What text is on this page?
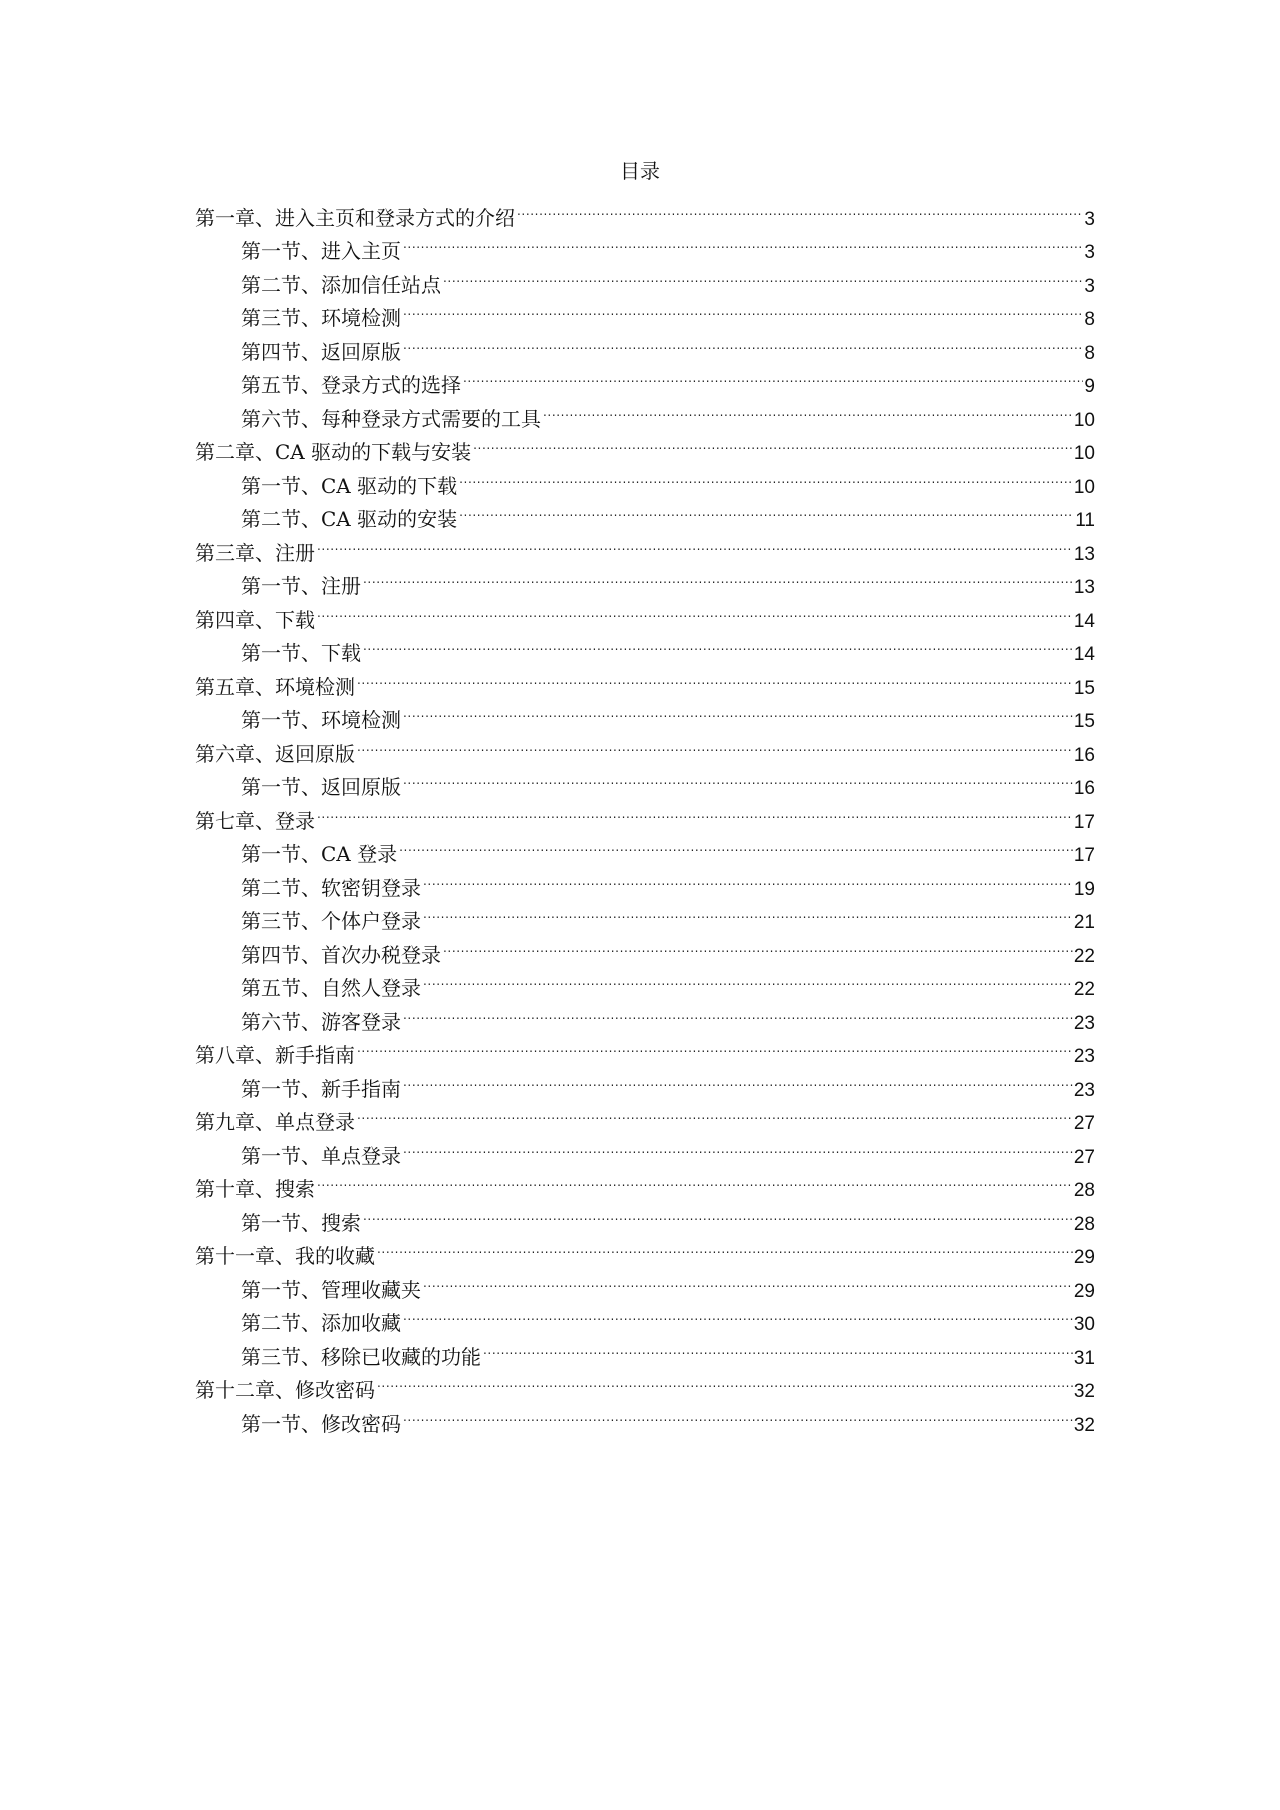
目录
第一章、进入主页和登录方式的介绍 .....	3
第一节、进入主页 .....	3
第二节、添加信任站点 .....	3
第三节、环境检测 .....	8
第四节、返回原版 .....	8
第五节、登录方式的选择 .....	9
第六节、每种登录方式需要的工具 .....	10
第二章、CA 驱动的下载与安装 .....	10
第一节、CA 驱动的下载 .....	10
第二节、CA 驱动的安装 .....	11
第三章、注册 .....	13
第一节、注册 .....	13
第四章、下载 .....	14
第一节、下载 .....	14
第五章、环境检测 .....	15
第一节、环境检测 .....	15
第六章、返回原版 .....	16
第一节、返回原版 .....	16
第七章、登录 .....	17
第一节、CA 登录 .....	17
第二节、软密钥登录 .....	19
第三节、个体户登录 .....	21
第四节、首次办税登录 .....	22
第五节、自然人登录 .....	22
第六节、游客登录 .....	23
第八章、新手指南 .....	23
第一节、新手指南 .....	23
第九章、单点登录 .....	27
第一节、单点登录 .....	27
第十章、搜索 .....	28
第一节、搜索 .....	28
第十一章、我的收藏 .....	29
第一节、管理收藏夹 .....	29
第二节、添加收藏 .....	30
第三节、移除已收藏的功能 .....	31
第十二章、修改密码 .....	32
第一节、修改密码 .....	32
